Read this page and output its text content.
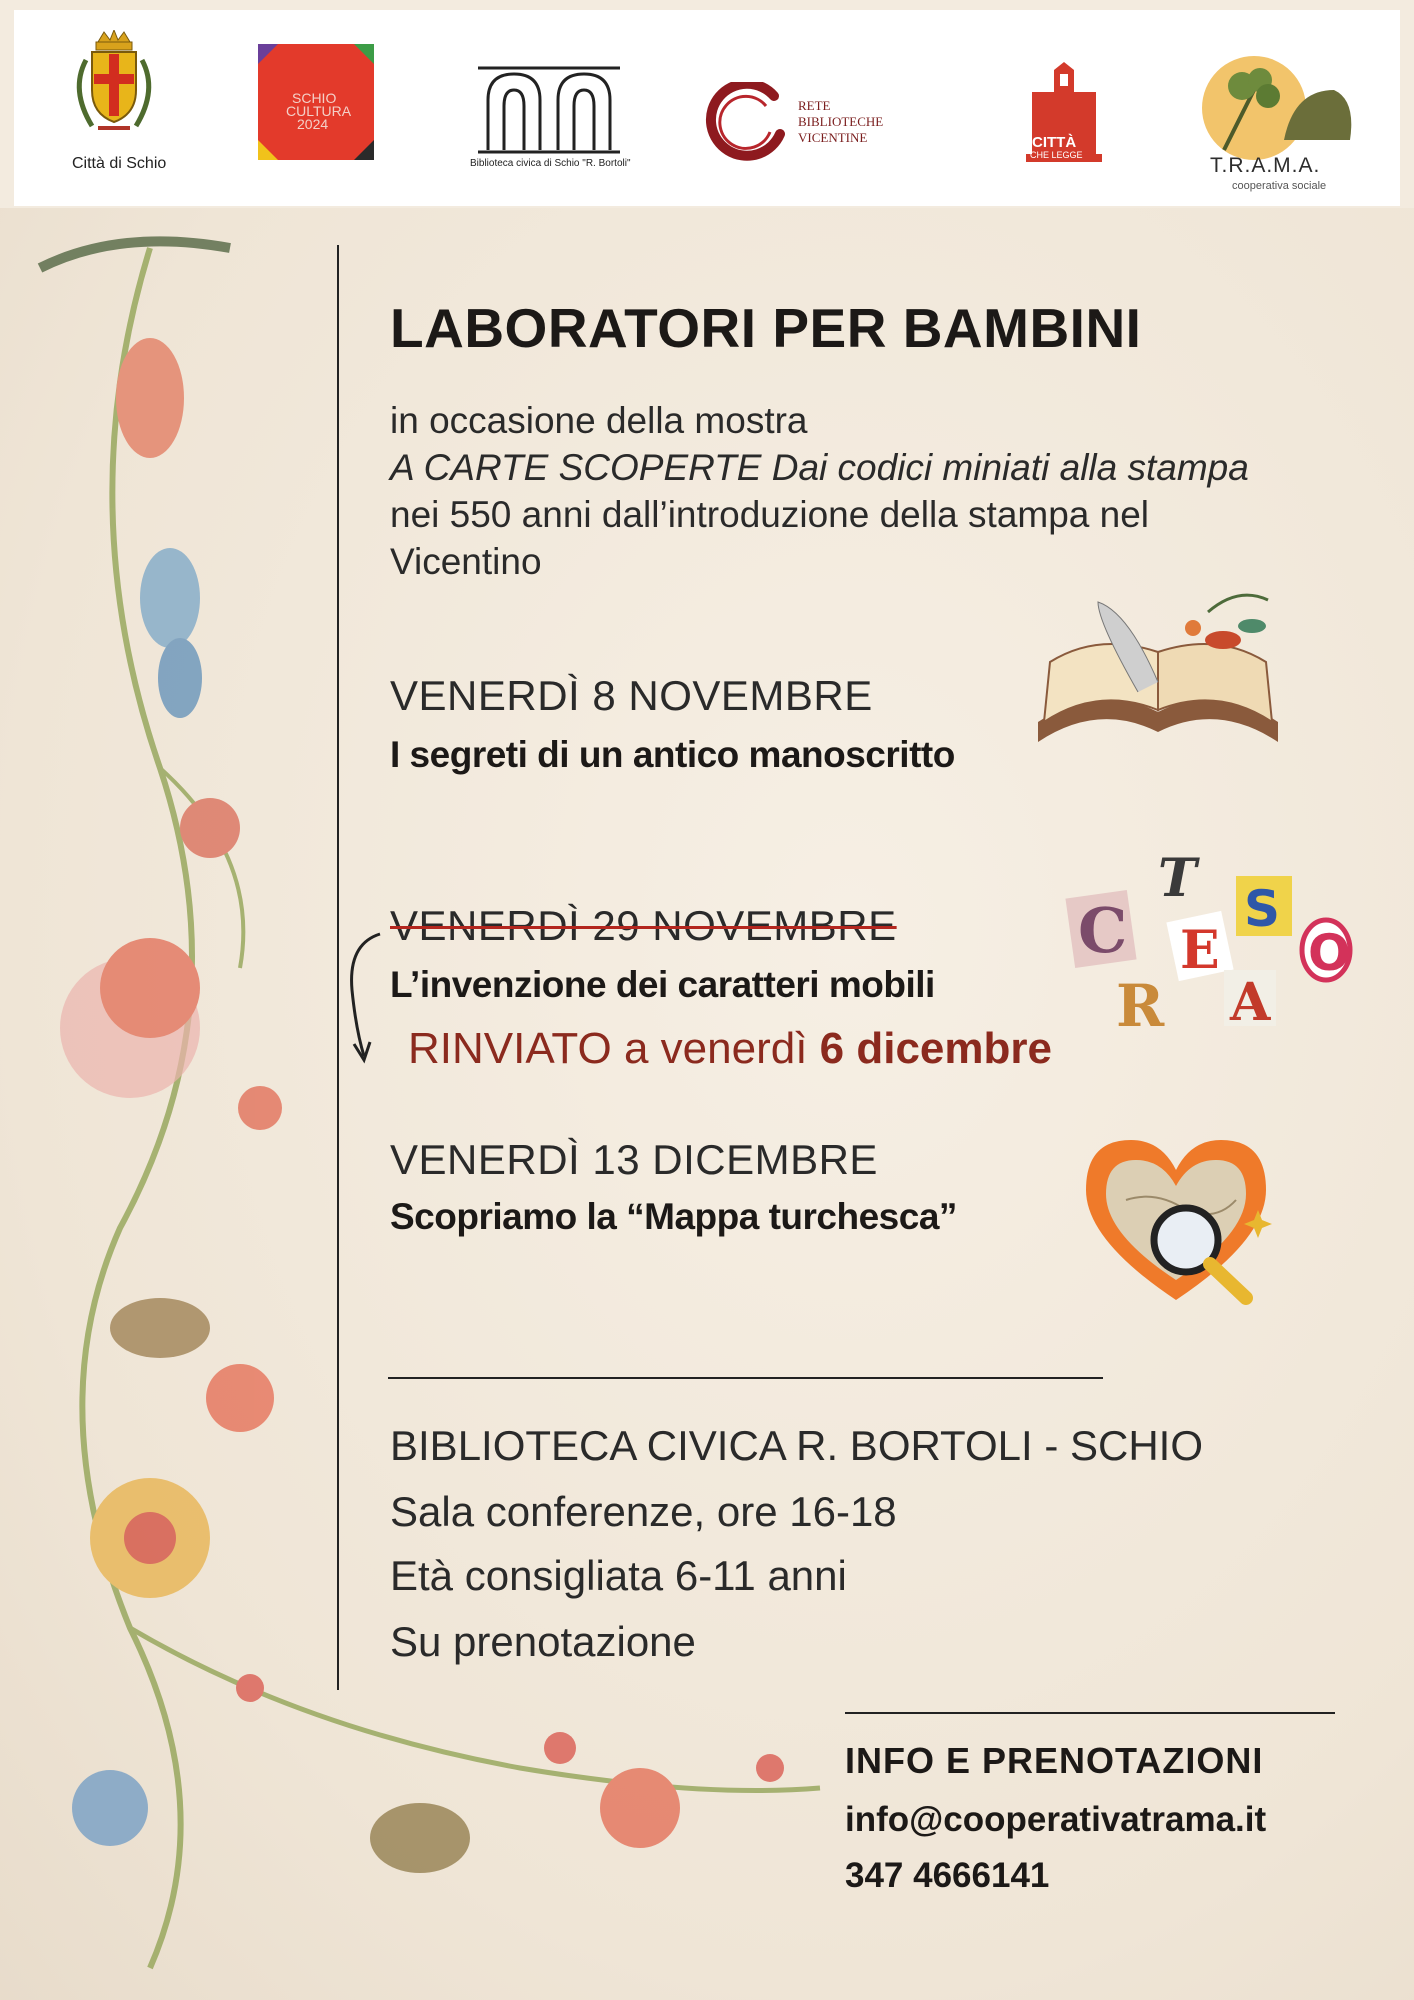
Città di Schio
SCHIO
CULTURA
2024
Biblioteca civica di Schio "R. Bortoli"
RETE
BIBLIOTECHE
VICENTINE	CITTÀ
CHE LEGGE	T.R.A.M.A.
cooperativa sociale
LABORATORI PER BAMBINI
in occasione della mostra
A CARTE SCOPERTE Dai codici miniati alla stampa
nei 550 anni dall’introduzione della stampa nel
Vicentino
VENERDÌ 8 NOVEMBRE
I segreti di un antico manoscritto
VENERDÌ 29 NOVEMBRE
L’invenzione dei caratteri mobili
RINVIATO a venerdì 6 dicembre
VENERDÌ 13 DICEMBRE
Scopriamo la “Mappa turchesca”
C
T
E
S
R A
O
BIBLIOTECA CIVICA R. BORTOLI - SCHIO
Sala conferenze, ore 16-18
Età consigliata 6-11 anni
Su prenotazione
INFO E PRENOTAZIONI
info@cooperativatrama.it
347 4666141
